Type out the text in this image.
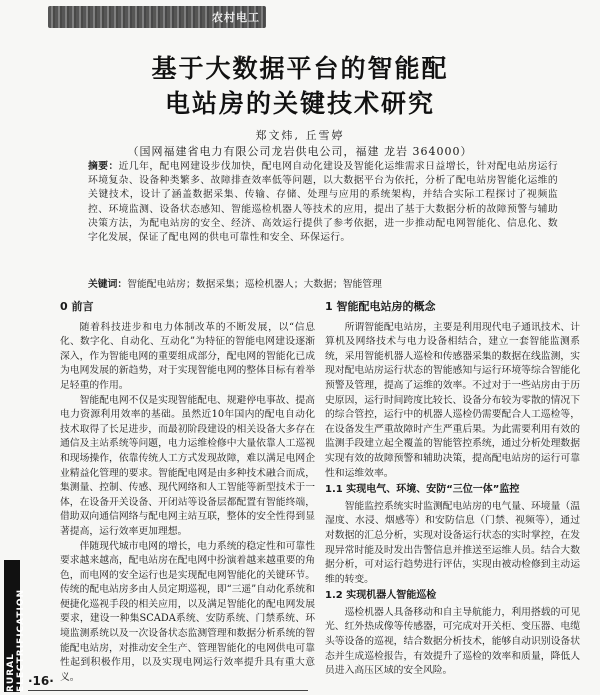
农村电工
基于大数据平台的智能配
电站房的关键技术研究
郑文炜, 丘雪婷
（国网福建省电力有限公司龙岩供电公司，福建 龙岩 364000）
摘要：近几年，配电网建设步伐加快，配电网自动化建设及智能化运维需求日益增长，针对配电站房运行环境复杂、设备种类繁多、故障排查效率低等问题，以大数据平台为依托，分析了配电站房智能化运维的关键技术，设计了涵盖数据采集、传输、存储、处理与应用的系统架构，并结合实际工程探讨了视频监控、环境监测、设备状态感知、智能巡检机器人等技术的应用，提出了基于大数据分析的故障预警与辅助决策方法，为配电站房的安全、经济、高效运行提供了参考依据，进一步推动配电网智能化、信息化、数字化发展，保证了配电网的供电可靠性和安全、环保运行。
关键词：智能配电站房；数据采集；巡检机器人；大数据；智能管理
0 前言

随着科技进步和电力体制改革的不断发展，以“信息化、数字化、自动化、互动化”为特征的智能电网建设逐渐深入，作为智能电网的重要组成部分，配电网的智能化已成为电网发展的新趋势，对于实现智能电网的整体目标有着举足轻重的作用。

智能配电网不仅是实现智能配电、规避停电事故、提高电力资源利用效率的基础。虽然近10年国内的配电自动化技术取得了长足进步，而最初阶段建设的相关设备大多存在通信及主站系统等问题，电力运维检修中大量依靠人工巡视和现场操作，依靠传统人工方式发现故障，难以满足电网企业精益化管理的要求。智能配电网是由多种技术融合而成，集测量、控制、传感、现代网络和人工智能等新型技术于一体，在设备开关设备、开闭站等设备层都配置有智能终端，借助双向通信网络与配电网主站互联，整体的安全性得到显著提高，运行效率更加理想。

伴随现代城市电网的增长，电力系统的稳定性和可靠性要求越来越高，配电站房在配电网中扮演着越来越重要的角色，而电网的安全运行也是实现配电网智能化的关键环节。传统的配电站房多由人员定期巡视，即“三遥”自动化系统和便捷化巡视手段的相关应用，以及满足智能化的配电网发展要求，建设一种集SCADA系统、安防系统、门禁系统、环境监测系统以及一次设备状态监测管理和数据分析系统的智能配电站房，对推动安全生产、管理智能化的电网供电可靠性起到积极作用，以及实现电网运行效率提升具有重大意义。

1 智能配电站房的概念

所谓智能配电站房，主要是利用现代电子通讯技术、计算机及网络技术与电力设备相结合，建立一套智能监测系统，采用智能机器人巡检和传感器采集的数据在线监测，实现对配电站房运行状态的智能感知与运行环境等综合智能化预警及管理，提高了运维的效率。不过对于一些站房由于历史原因，运行时间跨度比较长、设备分布较为零散的情况下的综合管控，运行中的机器人巡检仍需要配合人工巡检等，在设备发生严重故障时产生严重后果。为此需要利用有效的监测手段建立起全覆盖的智能管控系统，通过分析处理数据实现有效的故障预警和辅助决策，提高配电站房的运行可靠性和运维效率。

1.1 实现电气、环境、安防“三位一体”监控

智能监控系统实时监测配电站房的电气量、环境量（温湿度、水浸、烟感等）和安防信息（门禁、视频等），通过对数据的汇总分析，实现对设备运行状态的实时掌控，在发现异常时能及时发出告警信息并推送至运维人员。结合大数据分析，可对运行趋势进行评估，实现由被动检修到主动运维的转变。

1.2 实现机器人智能巡检

巡检机器人具备移动和自主导航能力，利用搭载的可见光、红外热成像等传感器，可完成对开关柜、变压器、电缆头等设备的巡视，结合数据分析技术，能够自动识别设备状态并生成巡检报告，有效提升了巡检的效率和质量，降低人员进入高压区域的安全风险。

RURAL ELECTRIFICATION ·16·
